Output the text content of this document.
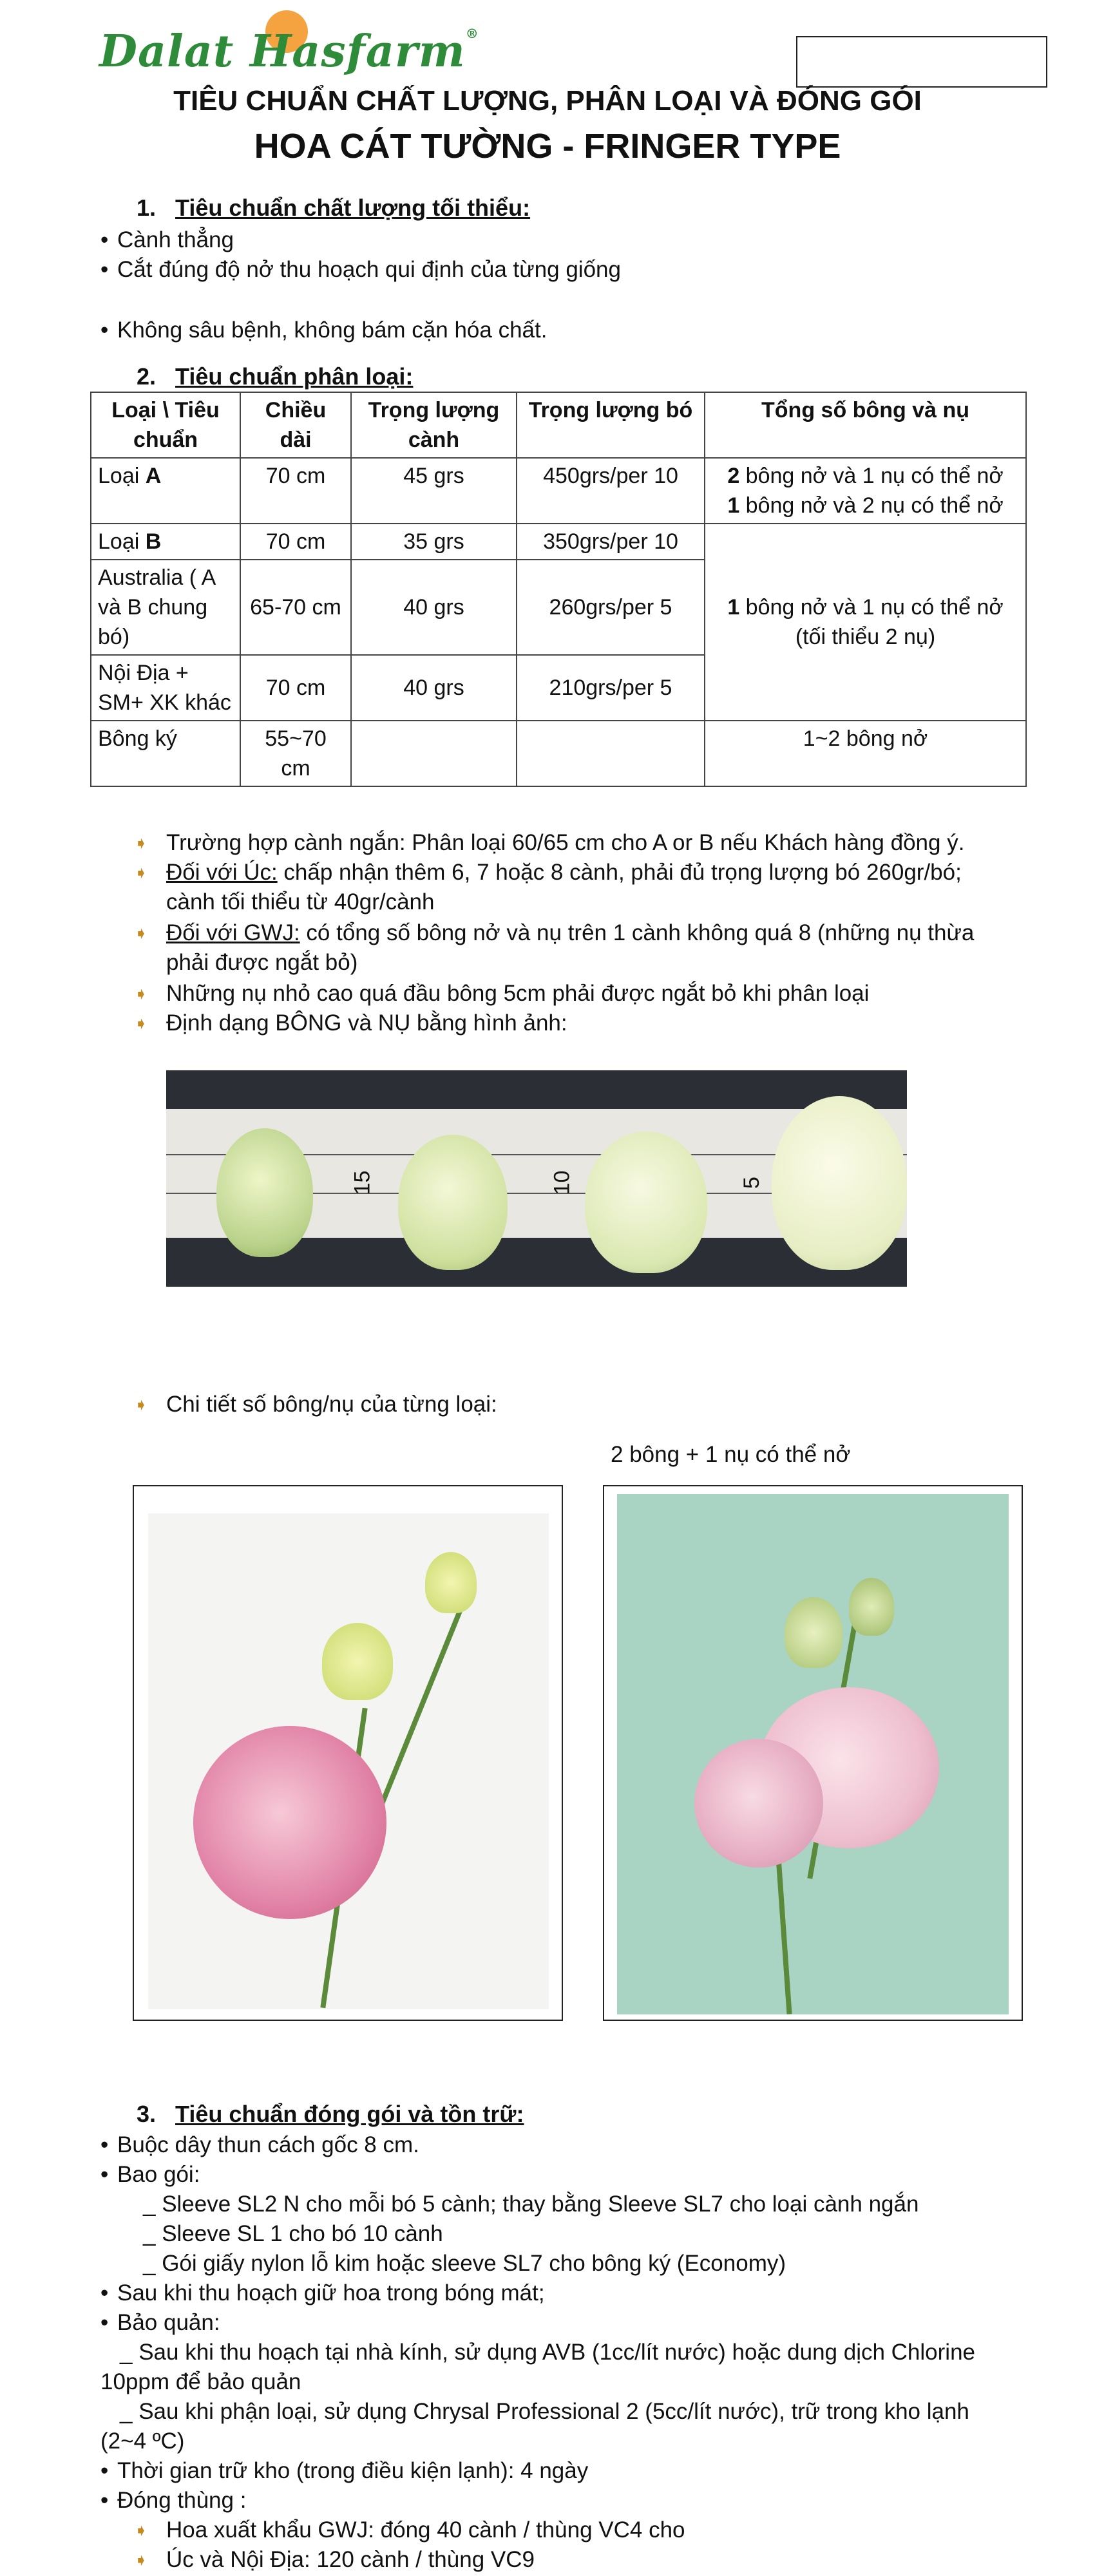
Dalat Hasfarm®
TIÊU CHUẨN CHẤT LƯỢNG, PHÂN LOẠI VÀ ĐÓNG GÓI
HOA CÁT TƯỜNG - FRINGER TYPE
1. Tiêu chuẩn chất lượng tối thiểu:
• Cành thẳng
• Cắt đúng độ nở thu hoạch qui định của từng giống
• Không sâu bệnh, không bám cặn hóa chất.
2. Tiêu chuẩn phân loại:
Loại \ Tiêu chuẩn	Chiều dài	Trọng lượng cành	Trọng lượng bó	Tổng số bông và nụ
Loại A	70 cm	45 grs	450grs/per 10	2 bông nở và 1 nụ có thể nở
1 bông nở và 2 nụ có thể nở

Loại B	70 cm	35 grs	350grs/per 10	1 bông nở và 1 nụ có thể nở
(tối thiểu 2 nụ)

Australia ( A và B chung bó)	65-70 cm	40 grs	260grs/per 5	
Nội Địa + SM+ XK khác	70 cm	40 grs	210grs/per 5	
Bông ký	55~70 cm			1~2 bông nở
➧ Trường hợp cành ngắn: Phân loại 60/65 cm cho A or B nếu Khách hàng đồng ý.
➧ Đối với Úc: chấp nhận thêm 6, 7 hoặc 8 cành, phải đủ trọng lượng bó 260gr/bó;
cành tối thiểu từ 40gr/cành
➧ Đối với GWJ: có tổng số bông nở và nụ trên 1 cành không quá 8 (những nụ thừa
phải được ngắt bỏ)
➧ Những nụ nhỏ cao quá đầu bông 5cm phải được ngắt bỏ khi phân loại
➧ Định dạng BÔNG và NỤ bằng hình ảnh:
15	10	5
➧ Chi tiết số bông/nụ của từng loại:
2 bông + 1 nụ có thể nở
3. Tiêu chuẩn đóng gói và tồn trữ:
• Buộc dây thun cách gốc 8 cm.
• Bao gói:
_ Sleeve SL2 N cho mỗi bó 5 cành; thay bằng Sleeve SL7 cho loại cành ngắn
_ Sleeve SL 1 cho bó 10 cành
_ Gói giấy nylon lỗ kim hoặc sleeve SL7 cho bông ký (Economy)
• Sau khi thu hoạch giữ hoa trong bóng mát;
• Bảo quản:
_ Sau khi thu hoạch tại nhà kính, sử dụng AVB (1cc/lít nước) hoặc dung dịch Chlorine
10ppm để bảo quản
_ Sau khi phận loại, sử dụng Chrysal Professional 2 (5cc/lít nước), trữ trong kho lạnh
(2~4 ºC)
• Thời gian trữ kho (trong điều kiện lạnh): 4 ngày
• Đóng thùng :
➧ Hoa xuất khẩu GWJ: đóng 40 cành / thùng VC4 cho
➧ Úc và Nội Địa: 120 cành / thùng VC9
